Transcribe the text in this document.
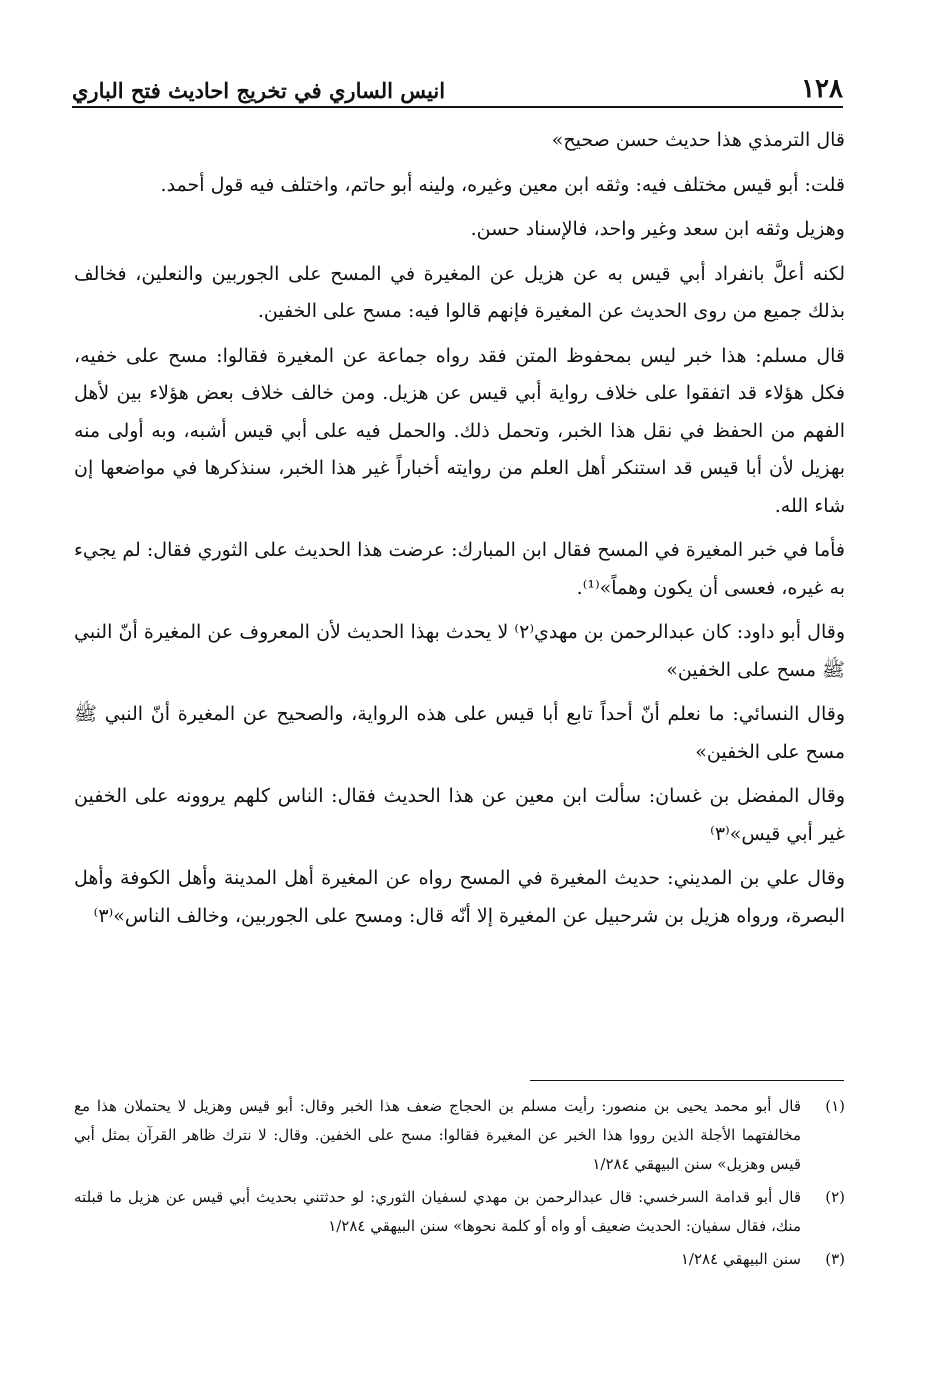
١٢٨
انيس الساري في تخريج احاديث فتح الباري

قال الترمذي هذا حديث حسن صحيح»

قلت: أبو قيس مختلف فيه: وثقه ابن معين وغيره، ولينه أبو حاتم، واختلف فيه قول أحمد.

وهزيل وثقه ابن سعد وغير واحد، فالإسناد حسن.

لكنه أعلَّ بانفراد أبي قيس به عن هزيل عن المغيرة في المسح على الجوربين والنعلين، فخالف بذلك جميع من روى الحديث عن المغيرة فإنهم قالوا فيه: مسح على الخفين.

قال مسلم: هذا خبر ليس بمحفوظ المتن فقد رواه جماعة عن المغيرة فقالوا: مسح على خفيه، فكل هؤلاء قد اتفقوا على خلاف رواية أبي قيس عن هزيل. ومن خالف خلاف بعض هؤلاء بين لأهل الفهم من الحفظ في نقل هذا الخبر، وتحمل ذلك. والحمل فيه على أبي قيس أشبه، وبه أولى منه بهزيل لأن أبا قيس قد استنكر أهل العلم من روايته أخباراً غير هذا الخبر، سنذكرها في مواضعها إن شاء الله.

فأما في خبر المغيرة في المسح فقال ابن المبارك: عرضت هذا الحديث على الثوري فقال: لم يجيء به غيره، فعسى أن يكون وهماً»⁽¹⁾.

وقال أبو داود: كان عبدالرحمن بن مهدي⁽٢⁾ لا يحدث بهذا الحديث لأن المعروف عن المغيرة أنّ النبي ﷺ مسح على الخفين»

وقال النسائي: ما نعلم أنّ أحداً تابع أبا قيس على هذه الرواية، والصحيح عن المغيرة أنّ النبي ﷺ مسح على الخفين»

وقال المفضل بن غسان: سألت ابن معين عن هذا الحديث فقال: الناس كلهم يروونه على الخفين غير أبي قيس»⁽٣⁾

وقال علي بن المديني: حديث المغيرة في المسح رواه عن المغيرة أهل المدينة وأهل الكوفة وأهل البصرة، ورواه هزيل بن شرحبيل عن المغيرة إلا أنّه قال: ومسح على الجوربين، وخالف الناس»⁽٣⁾

(١)
قال أبو محمد يحيى بن منصور: رأيت مسلم بن الحجاج ضعف هذا الخبر وقال: أبو قيس وهزيل لا يحتملان هذا مع مخالفتهما الأجلة الذين رووا هذا الخبر عن المغيرة فقالوا: مسح على الخفين. وقال: لا نترك ظاهر القرآن بمثل أبي قيس وهزيل» سنن البيهقي ١/٢٨٤
(٢)
قال أبو قدامة السرخسي: قال عبدالرحمن بن مهدي لسفيان الثوري: لو حدثتني بحديث أبي قيس عن هزيل ما قبلته منك، فقال سفيان: الحديث ضعيف أو واه أو كلمة نحوها» سنن البيهقي ١/٢٨٤
(٣)
سنن البيهقي ١/٢٨٤
